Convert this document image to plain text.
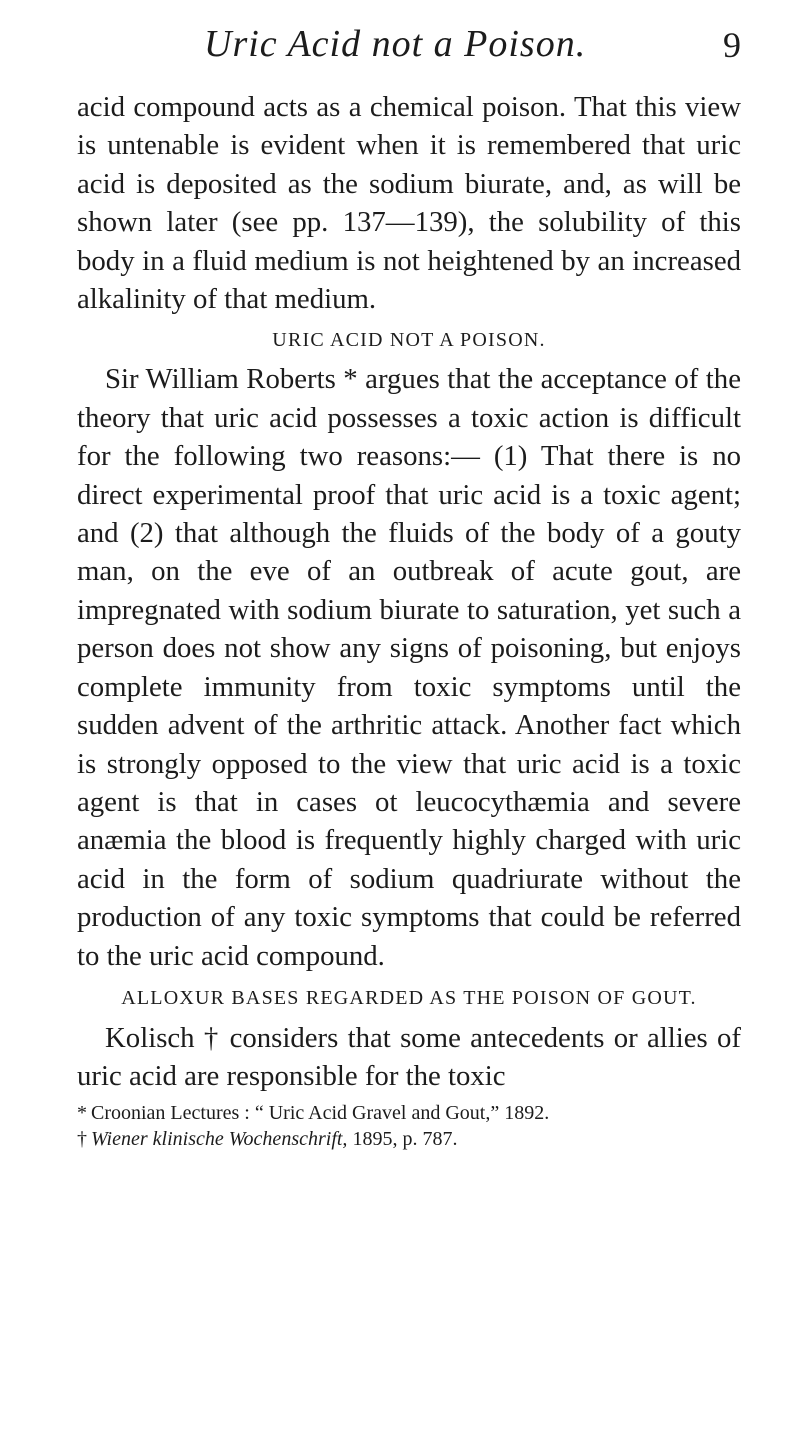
Uric Acid not a Poison.	9

acid compound acts as a chemical poison. That this view is untenable is evident when it is remembered that uric acid is deposited as the sodium biurate, and, as will be shown later (see pp. 137—139), the solubility of this body in a fluid medium is not heightened by an increased alkalinity of that medium.

URIC ACID NOT A POISON.

Sir William Roberts * argues that the acceptance of the theory that uric acid possesses a toxic action is difficult for the following two reasons:— (1) That there is no direct experimental proof that uric acid is a toxic agent; and (2) that although the fluids of the body of a gouty man, on the eve of an outbreak of acute gout, are impregnated with sodium biurate to saturation, yet such a person does not show any signs of poisoning, but enjoys complete immunity from toxic symptoms until the sudden advent of the arthritic attack. Another fact which is strongly opposed to the view that uric acid is a toxic agent is that in cases ot leucocythæmia and severe anæmia the blood is frequently highly charged with uric acid in the form of sodium quadriurate without the production of any toxic symptoms that could be referred to the uric acid compound.

ALLOXUR BASES REGARDED AS THE POISON OF GOUT.

Kolisch † considers that some antecedents or allies of uric acid are responsible for the toxic

* Croonian Lectures : “ Uric Acid Gravel and Gout,” 1892.

† Wiener klinische Wochenschrift, 1895, p. 787.
